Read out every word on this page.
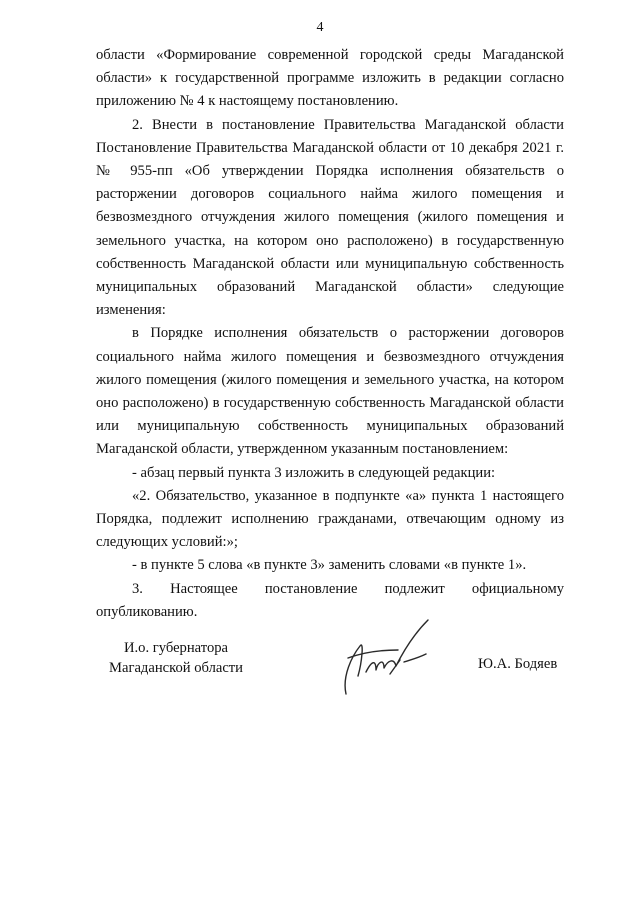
4

области «Формирование современной городской среды Магаданской области» к государственной программе изложить в редакции согласно приложению № 4 к настоящему постановлению.

2. Внести в постановление Правительства Магаданской области Постановление Правительства Магаданской области от 10 декабря 2021 г. № 955-пп «Об утверждении Порядка исполнения обязательств о расторжении договоров социального найма жилого помещения и безвозмездного отчуждения жилого помещения (жилого помещения и земельного участка, на котором оно расположено) в государственную собственность Магаданской области или муниципальную собственность муниципальных образований Магаданской области» следующие изменения:

в Порядке исполнения обязательств о расторжении договоров социального найма жилого помещения и безвозмездного отчуждения жилого помещения (жилого помещения и земельного участка, на котором оно расположено) в государственную собственность Магаданской области или муниципальную собственность муниципальных образований Магаданской области, утвержденном указанным постановлением:

- абзац первый пункта 3 изложить в следующей редакции:

«2. Обязательство, указанное в подпункте «а» пункта 1 настоящего Порядка, подлежит исполнению гражданами, отвечающим одному из следующих условий:»;

- в пункте 5 слова «в пункте 3» заменить словами «в пункте 1».

3. Настоящее постановление подлежит официальному опубликованию.

И.о. губернатора
Магаданской области	Ю.А. Бодяев
